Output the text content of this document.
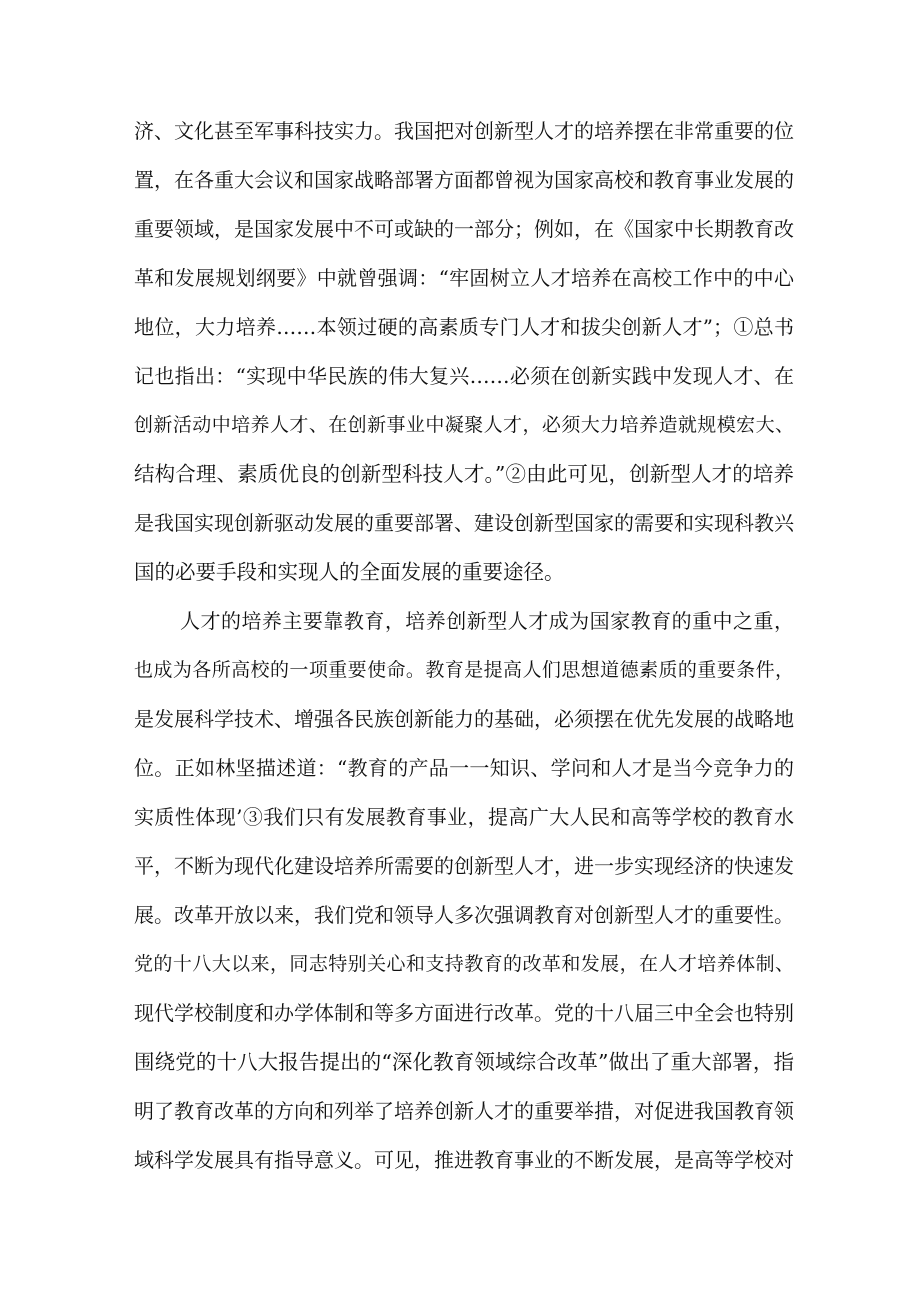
济、文化甚至军事科技实力。我国把对创新型人才的培养摆在非常重要的位
置，在各重大会议和国家战略部署方面都曾视为国家高校和教育事业发展的
重要领域，是国家发展中不可或缺的一部分；例如，在《国家中长期教育改
革和发展规划纲要》中就曾强调：“牢固树立人才培养在高校工作中的中心
地位，大力培养……本领过硬的高素质专门人才和拔尖创新人才”；①总书
记也指出：“实现中华民族的伟大复兴……必须在创新实践中发现人才、在
创新活动中培养人才、在创新事业中凝聚人才，必须大力培养造就规模宏大、
结构合理、素质优良的创新型科技人才。”②由此可见，创新型人才的培养
是我国实现创新驱动发展的重要部署、建设创新型国家的需要和实现科教兴
国的必要手段和实现人的全面发展的重要途径。
人才的培养主要靠教育，培养创新型人才成为国家教育的重中之重，
也成为各所高校的一项重要使命。教育是提高人们思想道德素质的重要条件，
是发展科学技术、增强各民族创新能力的基础，必须摆在优先发展的战略地
位。正如林坚描述道：“教育的产品一一知识、学问和人才是当今竞争力的
实质性体现’③我们只有发展教育事业，提高广大人民和高等学校的教育水
平，不断为现代化建设培养所需要的创新型人才，进一步实现经济的快速发
展。改革开放以来，我们党和领导人多次强调教育对创新型人才的重要性。
党的十八大以来，同志特别关心和支持教育的改革和发展，在人才培养体制、
现代学校制度和办学体制和等多方面进行改革。党的十八届三中全会也特别
围绕党的十八大报告提出的“深化教育领域综合改革”做出了重大部署，指
明了教育改革的方向和列举了培养创新人才的重要举措，对促进我国教育领
域科学发展具有指导意义。可见，推进教育事业的不断发展，是高等学校对
